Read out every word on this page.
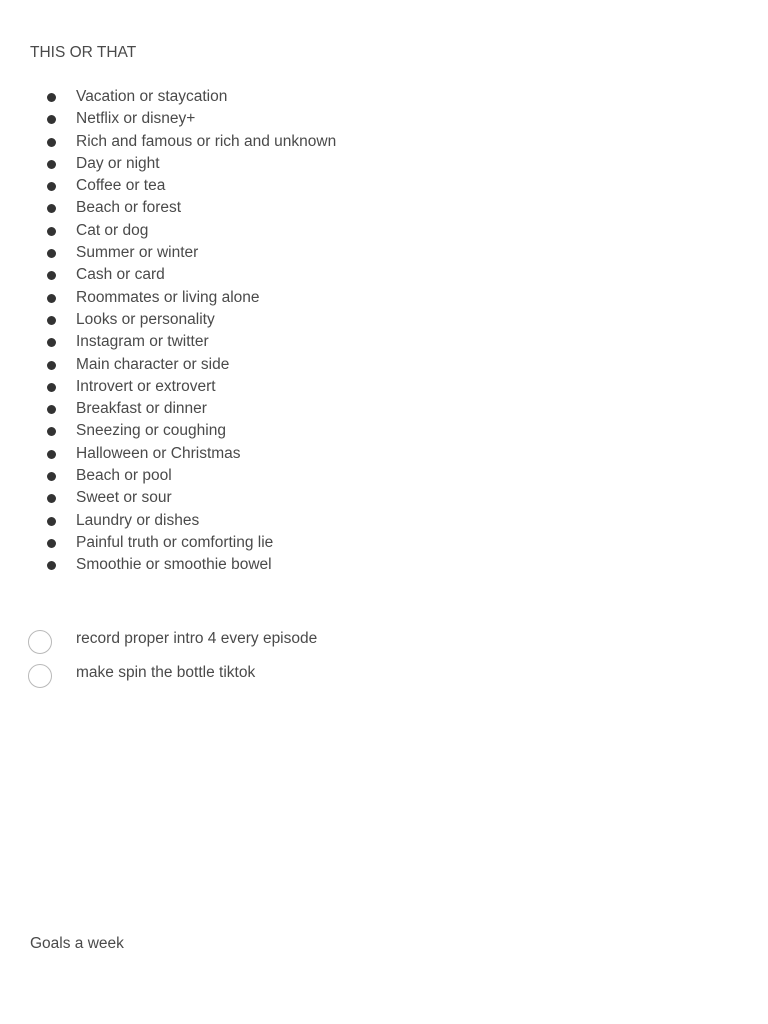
THIS OR THAT
Vacation or staycation
Netflix or disney+
Rich and famous or rich and unknown
Day or night
Coffee or tea
Beach or forest
Cat or dog
Summer or winter
Cash or card
Roommates or living alone
Looks or personality
Instagram or twitter
Main character or side
Introvert or extrovert
Breakfast or dinner
Sneezing or coughing
Halloween or Christmas
Beach or pool
Sweet or sour
Laundry or dishes
Painful truth or comforting lie
Smoothie or smoothie bowel
record proper intro 4 every episode
make spin the bottle tiktok
Goals a week
